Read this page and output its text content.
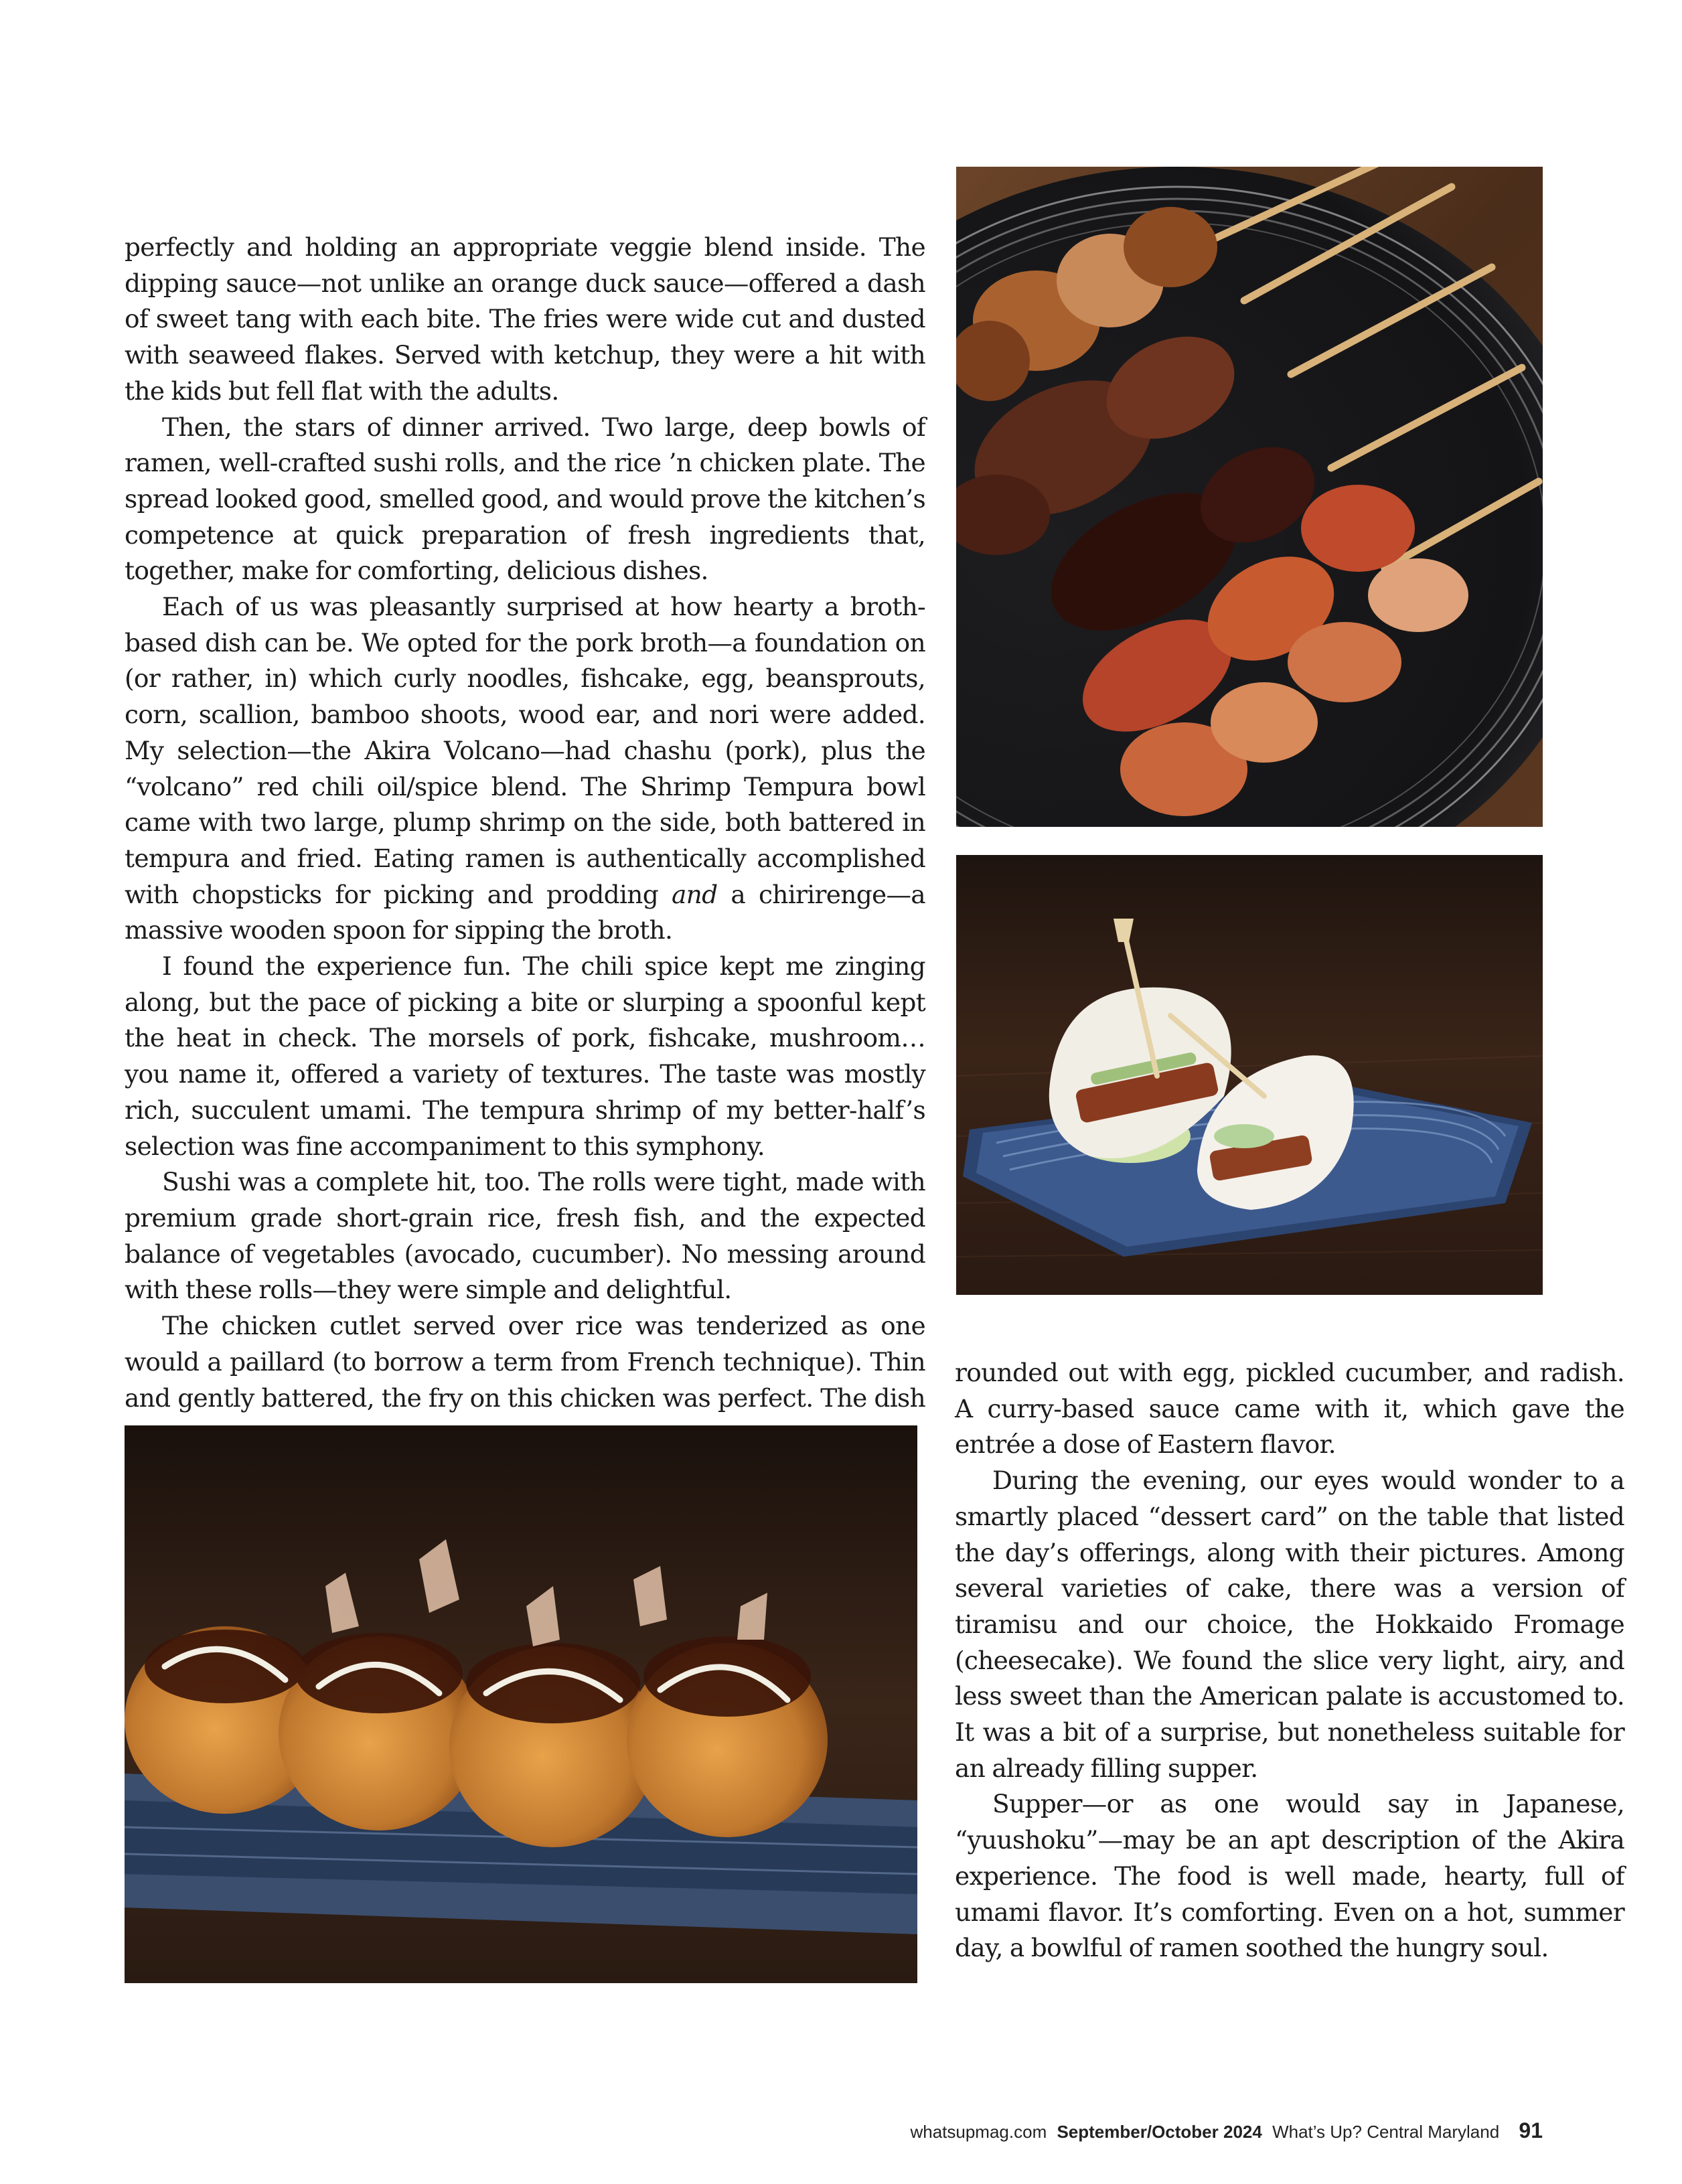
perfectly and holding an appropriate veggie blend inside. The dipping sauce—not unlike an orange duck sauce—offered a dash of sweet tang with each bite. The fries were wide cut and dusted with seaweed flakes. Served with ketchup, they were a hit with the kids but fell flat with the adults.

Then, the stars of dinner arrived. Two large, deep bowls of ramen, well-crafted sushi rolls, and the rice ’n chicken plate. The spread looked good, smelled good, and would prove the kitchen’s competence at quick preparation of fresh ingredients that, together, make for comforting, delicious dishes.

Each of us was pleasantly surprised at how hearty a broth-based dish can be. We opted for the pork broth—a foundation on (or rather, in) which curly noodles, fishcake, egg, beansprouts, corn, scallion, bamboo shoots, wood ear, and nori were added. My selection—the Akira Volcano—had chashu (pork), plus the “volcano” red chili oil/spice blend. The Shrimp Tempura bowl came with two large, plump shrimp on the side, both battered in tempura and fried. Eating ramen is authentically accomplished with chopsticks for picking and prodding and a chirirenge—a massive wooden spoon for sipping the broth.

I found the experience fun. The chili spice kept me zinging along, but the pace of picking a bite or slurping a spoonful kept the heat in check. The morsels of pork, fishcake, mushroom… you name it, offered a variety of textures. The taste was mostly rich, succulent umami. The tempura shrimp of my better-half’s selection was fine accompaniment to this symphony.

Sushi was a complete hit, too. The rolls were tight, made with premium grade short-grain rice, fresh fish, and the expected balance of vegetables (avocado, cucumber). No messing around with these rolls—they were simple and delightful.

The chicken cutlet served over rice was tenderized as one would a paillard (to borrow a term from French technique). Thin and gently battered, the fry on this chicken was perfect. The dish

rounded out with egg, pickled cucumber, and radish. A curry-based sauce came with it, which gave the entrée a dose of Eastern flavor.

During the evening, our eyes would wonder to a smartly placed “dessert card” on the table that listed the day’s offerings, along with their pictures. Among several varieties of cake, there was a version of tiramisu and our choice, the Hokkaido Fromage (cheesecake). We found the slice very light, airy, and less sweet than the American palate is accustomed to. It was a bit of a surprise, but nonetheless suitable for an already filling supper.

Supper—or as one would say in Japanese, “yuushoku”—may be an apt description of the Akira experience. The food is well made, hearty, full of umami flavor. It’s comforting. Even on a hot, summer day, a bowlful of ramen soothed the hungry soul.

whatsupmag.com September/October 2024 What’s Up? Central Maryland 91
